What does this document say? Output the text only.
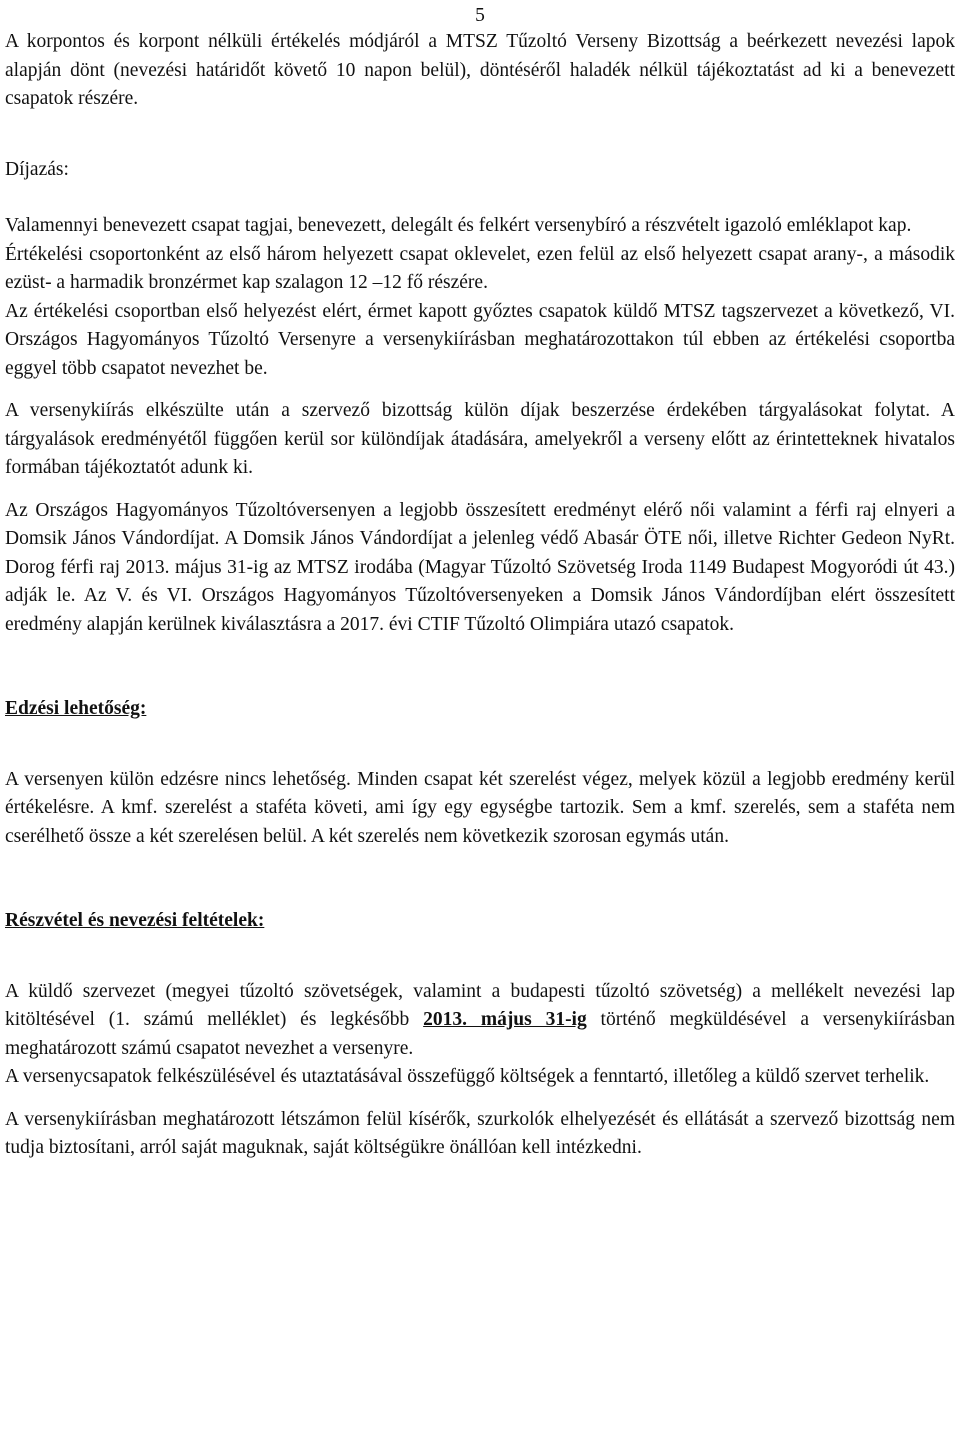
5

A korpontos és korpont nélküli értékelés módjáról a MTSZ Tűzoltó Verseny Bizottság a beérkezett nevezési lapok alapján dönt (nevezési határidőt követő 10 napon belül), döntéséről haladék nélkül tájékoztatást ad ki a benevezett csapatok részére.

Díjazás:

Valamennyi benevezett csapat tagjai, benevezett, delegált és felkért versenybíró a részvételt igazoló emléklapot kap.

Értékelési csoportonként az első három helyezett csapat oklevelet, ezen felül az első helyezett csapat arany-, a második ezüst- a harmadik bronzérmet kap szalagon 12 –12 fő részére.

Az értékelési csoportban első helyezést elért, érmet kapott győztes csapatok küldő MTSZ tagszervezet a következő, VI. Országos Hagyományos Tűzoltó Versenyre a versenykiírásban meghatározottakon túl ebben az értékelési csoportba eggyel több csapatot nevezhet be.

A versenykiírás elkészülte után a szervező bizottság külön díjak beszerzése érdekében tárgyalásokat folytat. A tárgyalások eredményétől függően kerül sor különdíjak átadására, amelyekről a verseny előtt az érintetteknek hivatalos formában tájékoztatót adunk ki.

Az Országos Hagyományos Tűzoltóversenyen a legjobb összesített eredményt elérő női valamint a férfi raj elnyeri a Domsik János Vándordíjat. A Domsik János Vándordíjat a jelenleg védő Abasár ÖTE női, illetve Richter Gedeon NyRt. Dorog férfi raj 2013. május 31-ig az MTSZ irodába (Magyar Tűzoltó Szövetség Iroda 1149 Budapest Mogyoródi út 43.) adják le. Az V. és VI. Országos Hagyományos Tűzoltóversenyeken a Domsik János Vándordíjban elért összesített eredmény alapján kerülnek kiválasztásra a 2017. évi CTIF Tűzoltó Olimpiára utazó csapatok.

Edzési lehetőség:

A versenyen külön edzésre nincs lehetőség. Minden csapat két szerelést végez, melyek közül a legjobb eredmény kerül értékelésre. A kmf. szerelést a staféta követi, ami így egy egységbe tartozik. Sem a kmf. szerelés, sem a staféta nem cserélhető össze a két szerelésen belül. A két szerelés nem következik szorosan egymás után.

Részvétel és nevezési feltételek:

A küldő szervezet (megyei tűzoltó szövetségek, valamint a budapesti tűzoltó szövetség) a mellékelt nevezési lap kitöltésével (1. számú melléklet) és legkésőbb 2013. május 31-ig történő megküldésével a versenykiírásban meghatározott számú csapatot nevezhet a versenyre.

A versenycsapatok felkészülésével és utaztatásával összefüggő költségek a fenntartó, illetőleg a küldő szervet terhelik.

A versenykiírásban meghatározott létszámon felül kísérők, szurkolók elhelyezését és ellátását a szervező bizottság nem tudja biztosítani, arról saját maguknak, saját költségükre önállóan kell intézkedni.
